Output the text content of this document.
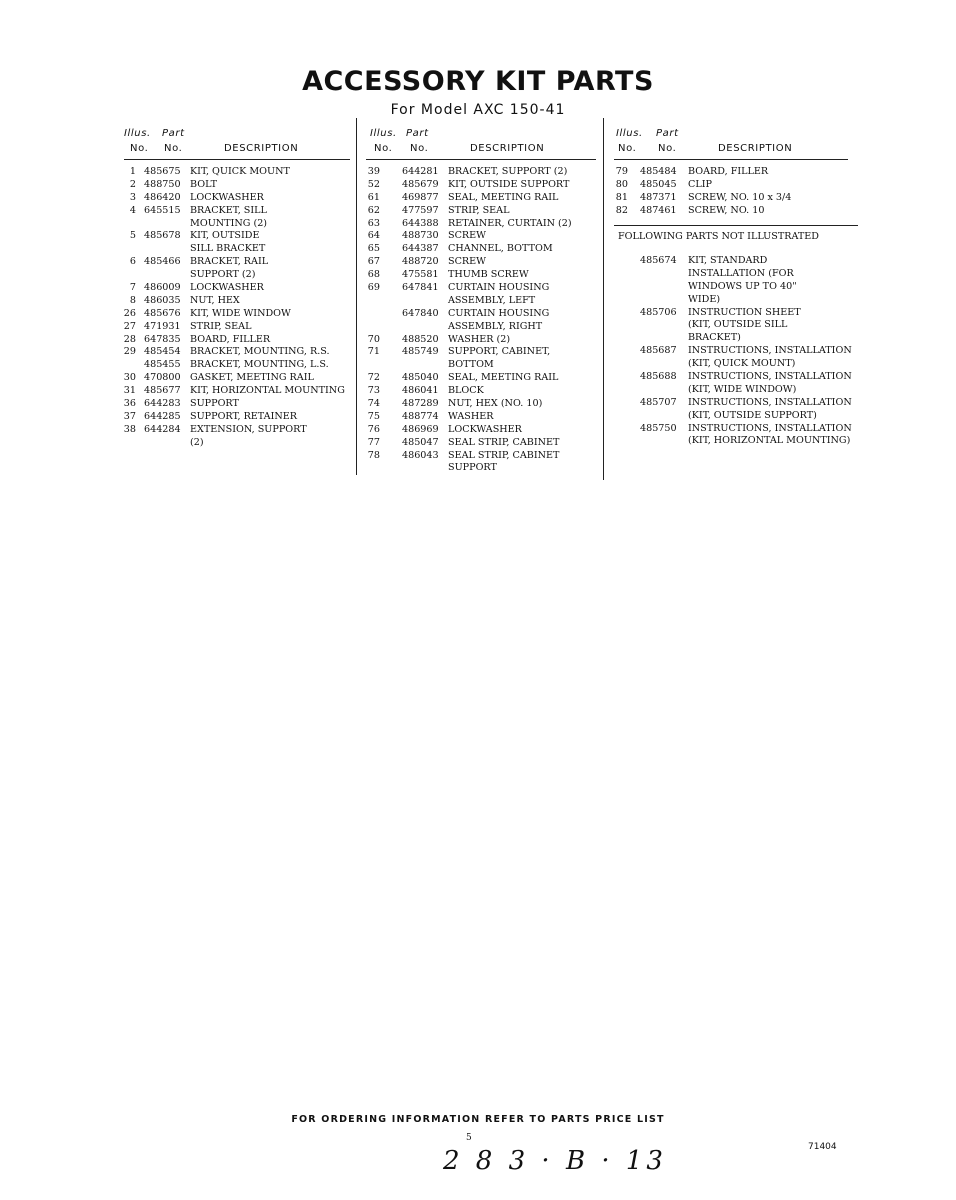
ACCESSORY KIT PARTS
For Model AXC 150-41
Illus. Part
No. No.	DESCRIPTION
1 485675 KIT, QUICK MOUNT
2 488750 BOLT
3 486420 LOCKWASHER
4 645515 BRACKET, SILL
MOUNTING (2)
5 485678 KIT, OUTSIDE
SILL BRACKET
6 485466 BRACKET, RAIL
SUPPORT (2)
7 486009 LOCKWASHER
8 486035 NUT, HEX
26 485676 KIT, WIDE WINDOW
27 471931 STRIP, SEAL
28 647835 BOARD, FILLER
29 485454 BRACKET, MOUNTING, R.S.
485455 BRACKET, MOUNTING, L.S.
30 470800 GASKET, MEETING RAIL
31 485677 KIT, HORIZONTAL MOUNTING
36 644283 SUPPORT
37 644285 SUPPORT, RETAINER
38 644284 EXTENSION, SUPPORT
(2)
Illus. Part
No. No.	DESCRIPTION
39 644281 BRACKET, SUPPORT (2)
52 485679 KIT, OUTSIDE SUPPORT
61 469877 SEAL, MEETING RAIL
62 477597 STRIP, SEAL
63 644388 RETAINER, CURTAIN (2)
64 488730 SCREW
65 644387 CHANNEL, BOTTOM
67 488720 SCREW
68 475581 THUMB SCREW
69 647841 CURTAIN HOUSING
ASSEMBLY, LEFT
647840 CURTAIN HOUSING
ASSEMBLY, RIGHT
70 488520 WASHER (2)
71 485749 SUPPORT, CABINET,
BOTTOM
72 485040 SEAL, MEETING RAIL
73 486041 BLOCK
74 487289 NUT, HEX (NO. 10)
75 488774 WASHER
76 486969 LOCKWASHER
77 485047 SEAL STRIP, CABINET
78 486043 SEAL STRIP, CABINET
SUPPORT
Illus. Part
No. No.	DESCRIPTION
79 485484 BOARD, FILLER
80 485045 CLIP
81 487371 SCREW, NO. 10 x 3/4
82 487461 SCREW, NO. 10
FOLLOWING PARTS NOT ILLUSTRATED
485674 KIT, STANDARD
INSTALLATION (FOR
WINDOWS UP TO 40"
WIDE)
485706 INSTRUCTION SHEET
(KIT, OUTSIDE SILL
BRACKET)
485687 INSTRUCTIONS, INSTALLATION
(KIT, QUICK MOUNT)
485688 INSTRUCTIONS, INSTALLATION
(KIT, WIDE WINDOW)
485707 INSTRUCTIONS, INSTALLATION
(KIT, OUTSIDE SUPPORT)
485750 INSTRUCTIONS, INSTALLATION
(KIT, HORIZONTAL MOUNTING)
FOR ORDERING INFORMATION REFER TO PARTS PRICE LIST
5
71404
2 8 3 · B · 13
